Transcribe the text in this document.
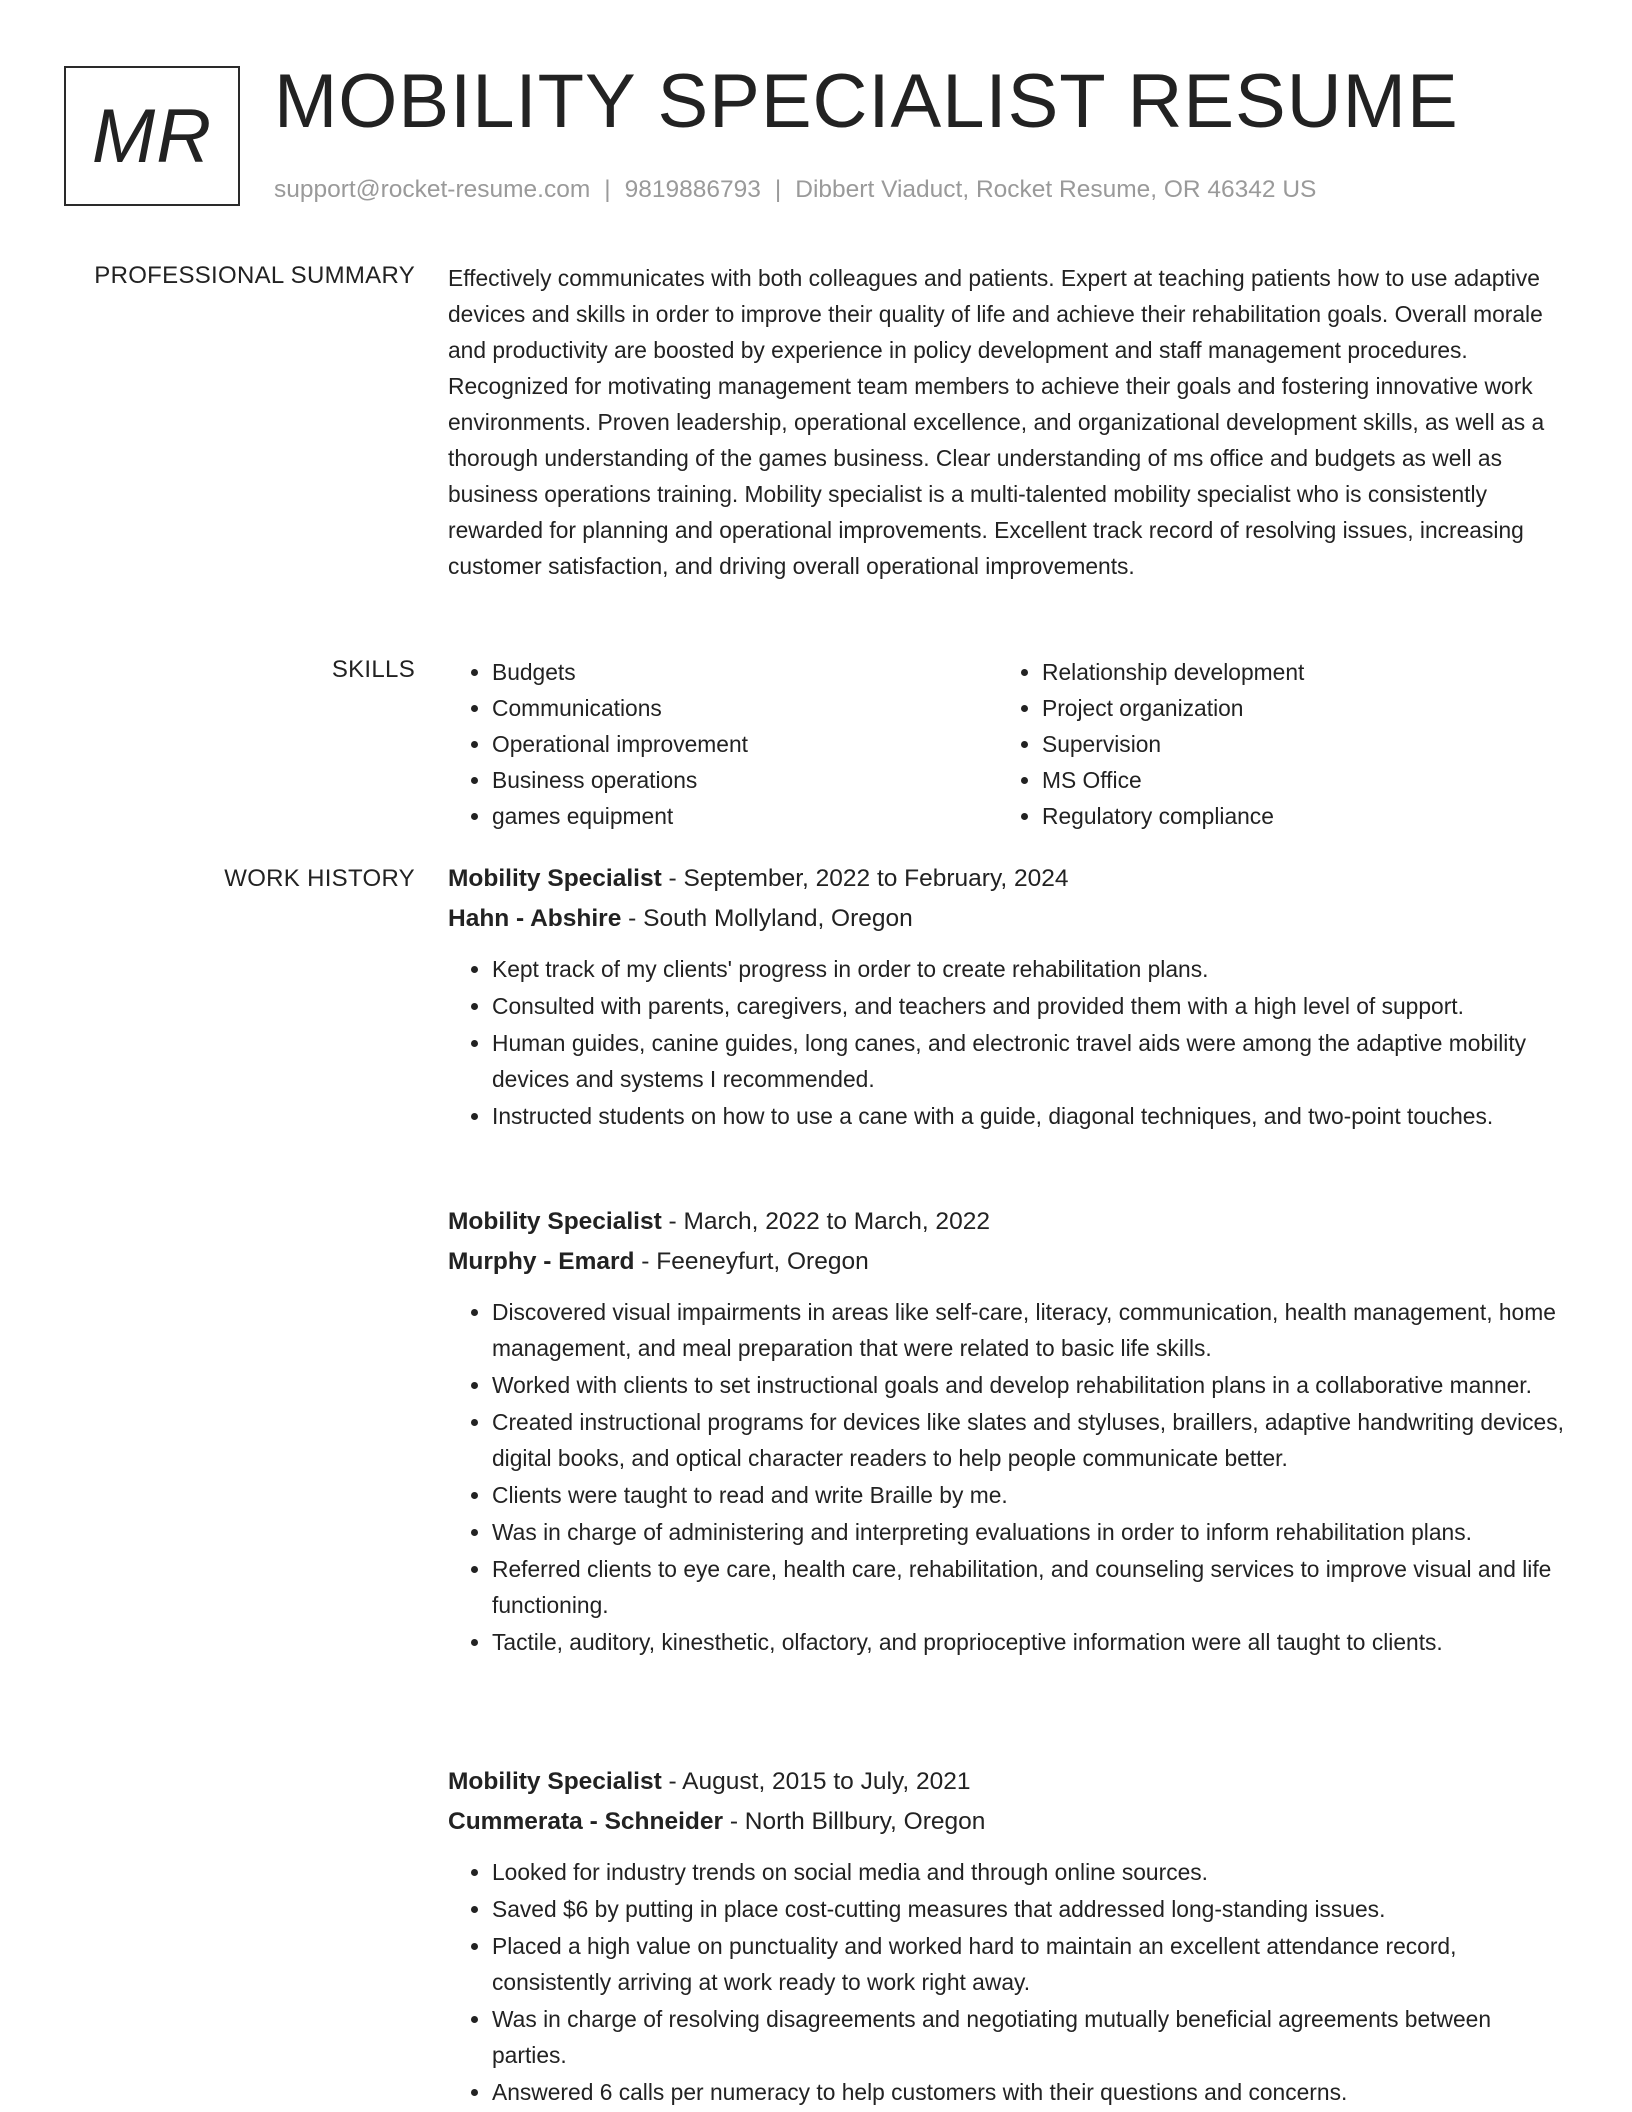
MR MOBILITY SPECIALIST RESUME
support@rocket-resume.com | 9819886793 | Dibbert Viaduct, Rocket Resume, OR 46342 US
PROFESSIONAL SUMMARY Effectively communicates with both colleagues and patients. Expert at teaching patients how to use adaptive devices and skills in order to improve their quality of life and achieve their rehabilitation goals. Overall morale and productivity are boosted by experience in policy development and staff management procedures. Recognized for motivating management team members to achieve their goals and fostering innovative work environments. Proven leadership, operational excellence, and organizational development skills, as well as a thorough understanding of the games business. Clear understanding of ms office and budgets as well as business operations training. Mobility specialist is a multi-talented mobility specialist who is consistently rewarded for planning and operational improvements. Excellent track record of resolving issues, increasing customer satisfaction, and driving overall operational improvements.

SKILLS
•	Budgets
• Communications
• Operational improvement
• Business operations
• games equipment
• Relationship development
• Project organization
• Supervision
• MS Office
• Regulatory compliance
WORK HISTORY Mobility Specialist - September, 2022 to February, 2024
Hahn - Abshire - South Mollyland, Oregon
• Kept track of my clients' progress in order to create rehabilitation plans.
• Consulted with parents, caregivers, and teachers and provided them with a high level of support.
• Human guides, canine guides, long canes, and electronic travel aids were among the adaptive mobility devices and systems I recommended.
• Instructed students on how to use a cane with a guide, diagonal techniques, and two-point touches.
Mobility Specialist - March, 2022 to March, 2022
Murphy - Emard - Feeneyfurt, Oregon
• Discovered visual impairments in areas like self-care, literacy, communication, health management, home management, and meal preparation that were related to basic life skills.
• Worked with clients to set instructional goals and develop rehabilitation plans in a collaborative manner.
• Created instructional programs for devices like slates and styluses, braillers, adaptive handwriting devices, digital books, and optical character readers to help people communicate better.
• Clients were taught to read and write Braille by me.
• Was in charge of administering and interpreting evaluations in order to inform rehabilitation plans.
• Referred clients to eye care, health care, rehabilitation, and counseling services to improve visual and life functioning.
• Tactile, auditory, kinesthetic, olfactory, and proprioceptive information were all taught to clients.
Mobility Specialist - August, 2015 to July, 2021
Cummerata - Schneider - North Billbury, Oregon
• Looked for industry trends on social media and through online sources.
• Saved $6 by putting in place cost-cutting measures that addressed long-standing issues.
• Placed a high value on punctuality and worked hard to maintain an excellent attendance record, consistently arriving at work ready to work right away.
• Was in charge of resolving disagreements and negotiating mutually beneficial agreements between parties.
• Answered 6 calls per numeracy to help customers with their questions and concerns.
